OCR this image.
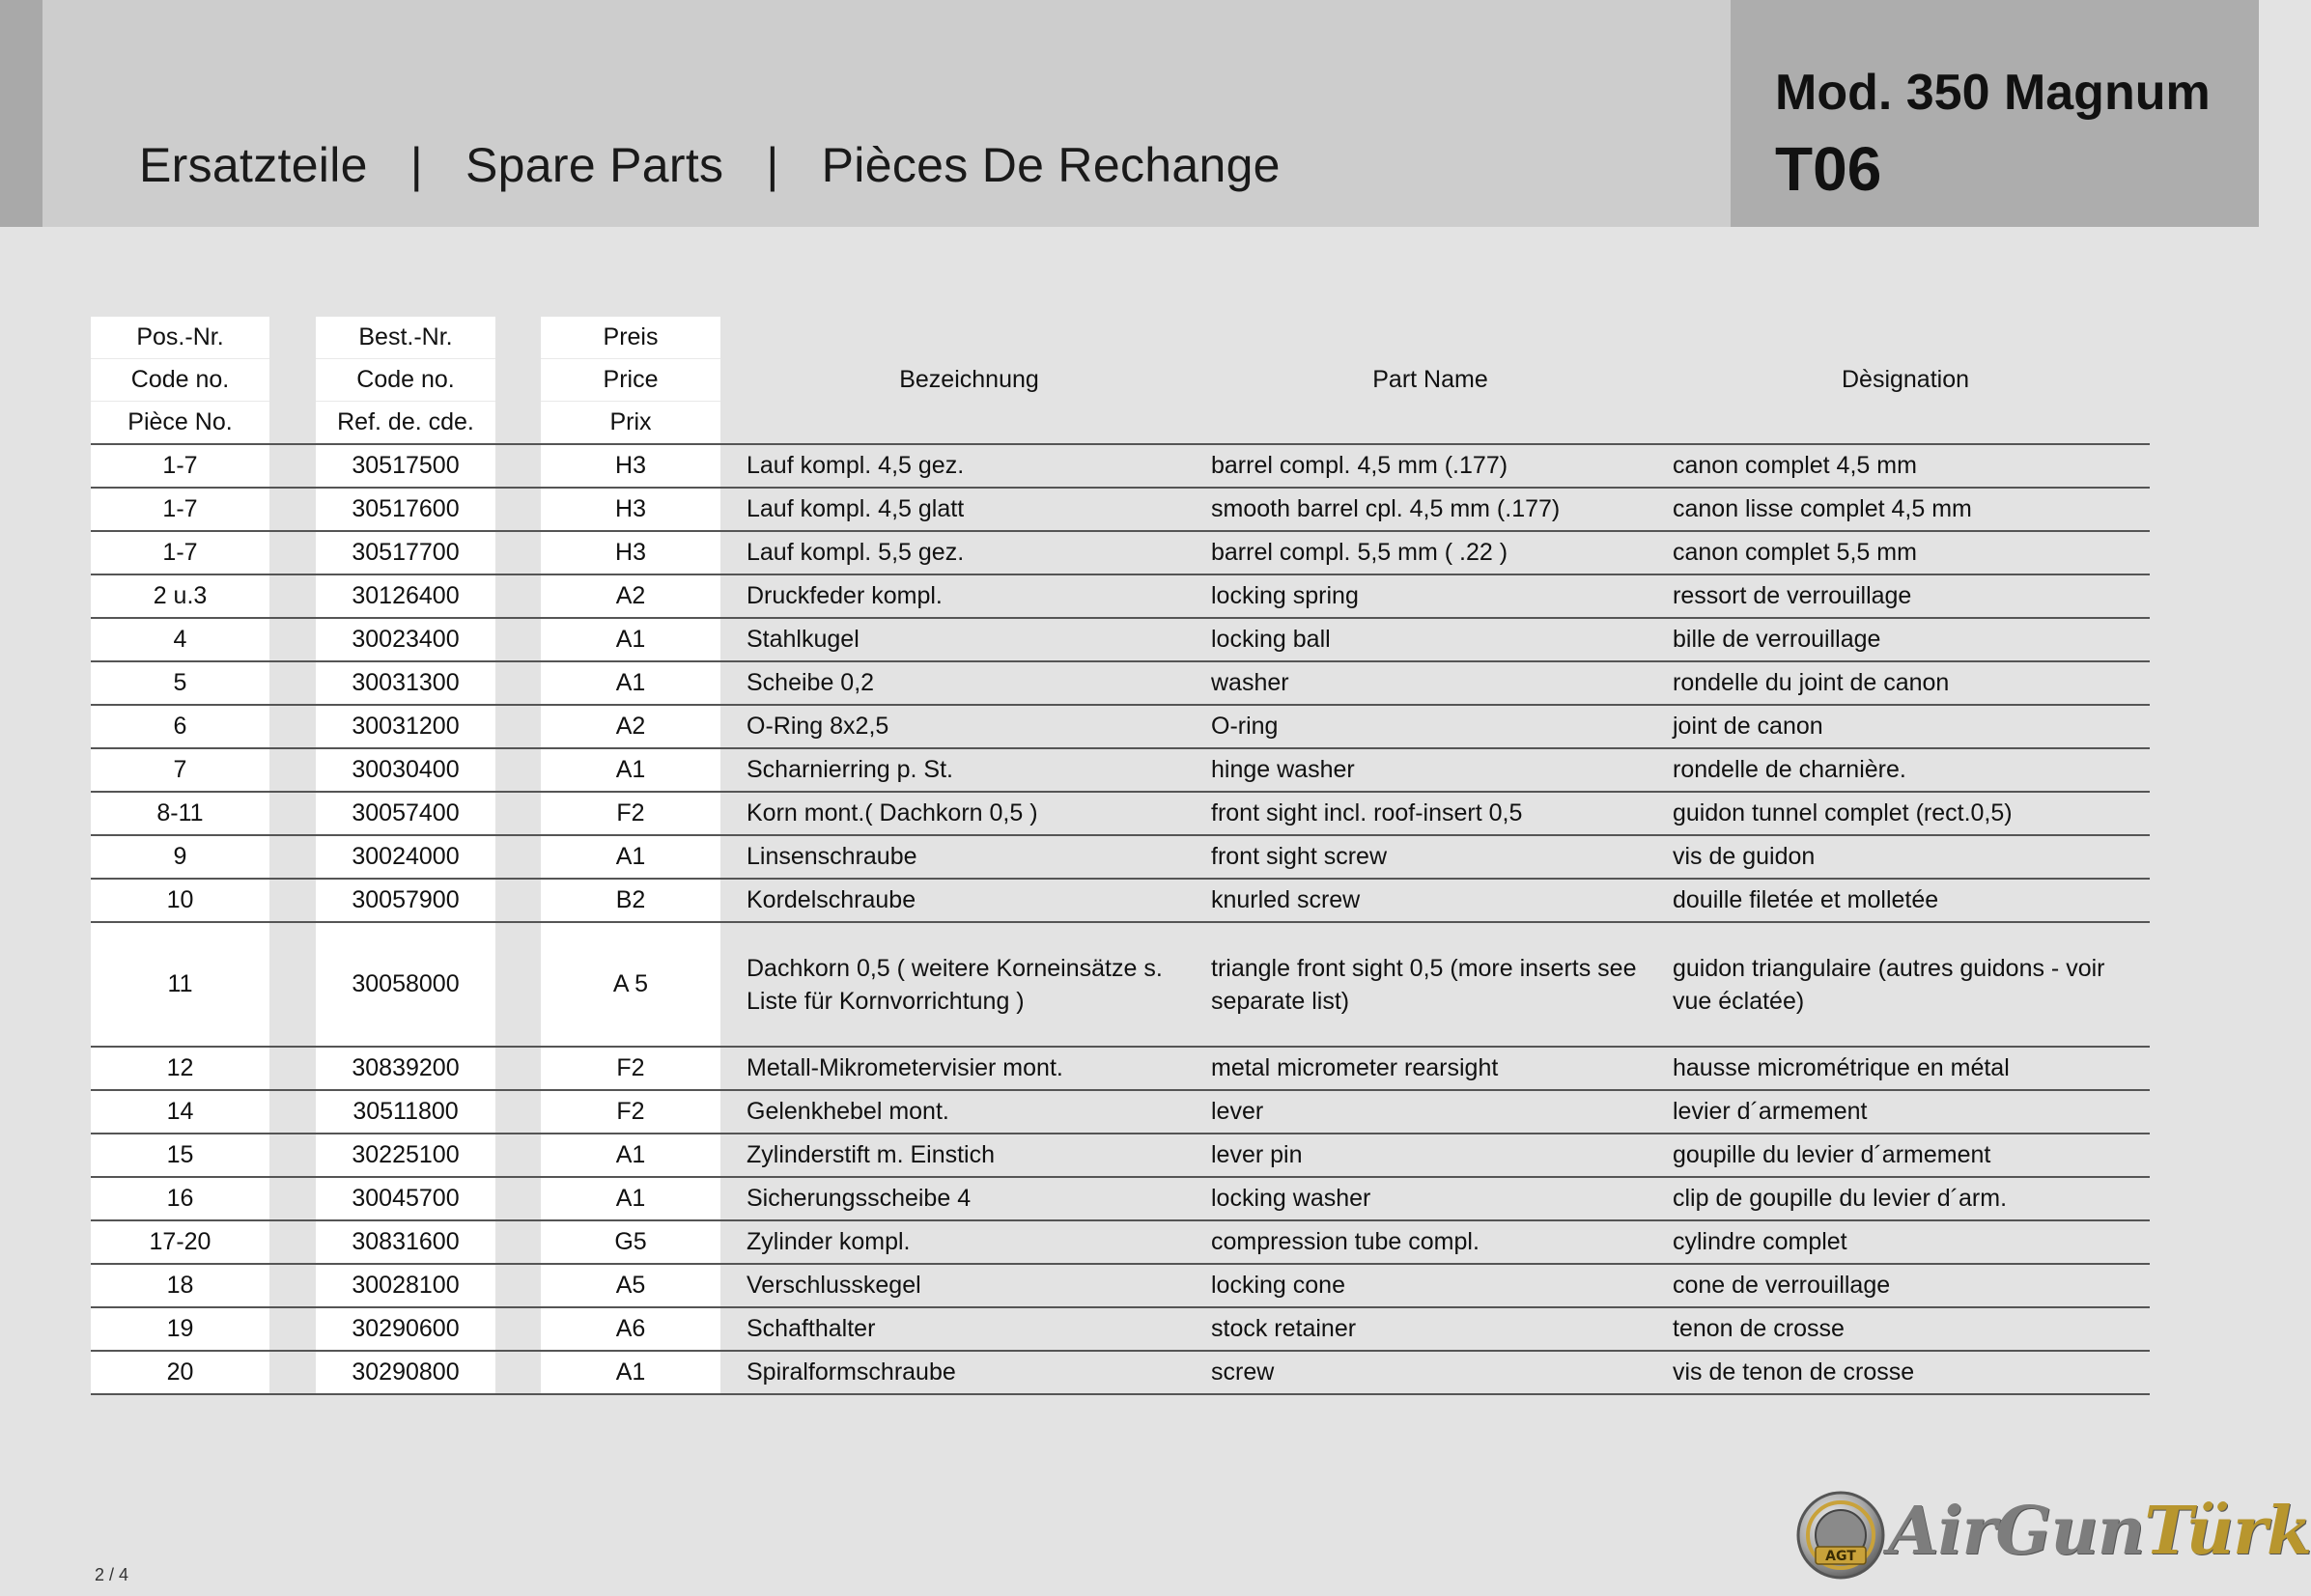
Ersatzteile | Spare Parts | Pièces De Rechange
Mod. 350 Magnum
T06
Pos.-Nr.		Best.-Nr.		Preis		Bezeichnung	Part Name	Dèsignation
Code no.		Code no.		Price				
Pièce No.		Ref. de. cde.		Prix				
1-7		30517500		H3		Lauf kompl. 4,5 gez.	barrel compl. 4,5 mm (.177)	canon complet 4,5 mm
1-7		30517600		H3		Lauf kompl. 4,5 glatt	smooth barrel cpl. 4,5 mm (.177)	canon lisse complet 4,5 mm
1-7		30517700		H3		Lauf kompl. 5,5 gez.	barrel compl. 5,5 mm ( .22 )	canon complet 5,5 mm
2 u.3		30126400		A2		Druckfeder kompl.	locking spring	ressort de verrouillage
4		30023400		A1		Stahlkugel	locking ball	bille de verrouillage
5		30031300		A1		Scheibe 0,2	washer	rondelle du joint de canon
6		30031200		A2		O-Ring 8x2,5	O-ring	joint de canon
7		30030400		A1		Scharnierring p. St.	hinge washer	rondelle de charnière.
8-11		30057400		F2		Korn mont.( Dachkorn 0,5 )	front sight incl. roof-insert 0,5	guidon tunnel complet (rect.0,5)
9		30024000		A1		Linsenschraube	front sight screw	vis de guidon
10		30057900		B2		Kordelschraube	knurled screw	douille filetée et molletée
11		30058000		A 5		Dachkorn 0,5 ( weitere Korneinsätze s. Liste für Kornvorrichtung )	triangle front sight 0,5 (more inserts see separate list)	guidon triangulaire (autres guidons - voir vue éclatée)
12		30839200		F2		Metall-Mikrometervisier mont.	metal micrometer rearsight	hausse micrométrique en métal
14		30511800		F2		Gelenkhebel mont.	lever	levier d´armement
15		30225100		A1		Zylinderstift m. Einstich	lever pin	goupille du levier d´armement
16		30045700		A1		Sicherungsscheibe 4	locking washer	clip de goupille du levier d´arm.
17-20		30831600		G5		Zylinder kompl.	compression tube compl.	cylindre complet
18		30028100		A5		Verschlusskegel	locking cone	cone de verrouillage
19		30290600		A6		Schafthalter	stock retainer	tenon de crosse
20		30290800		A1		Spiralformschraube	screw	vis de tenon de crosse
2 / 4
AGT AirGunTürk
